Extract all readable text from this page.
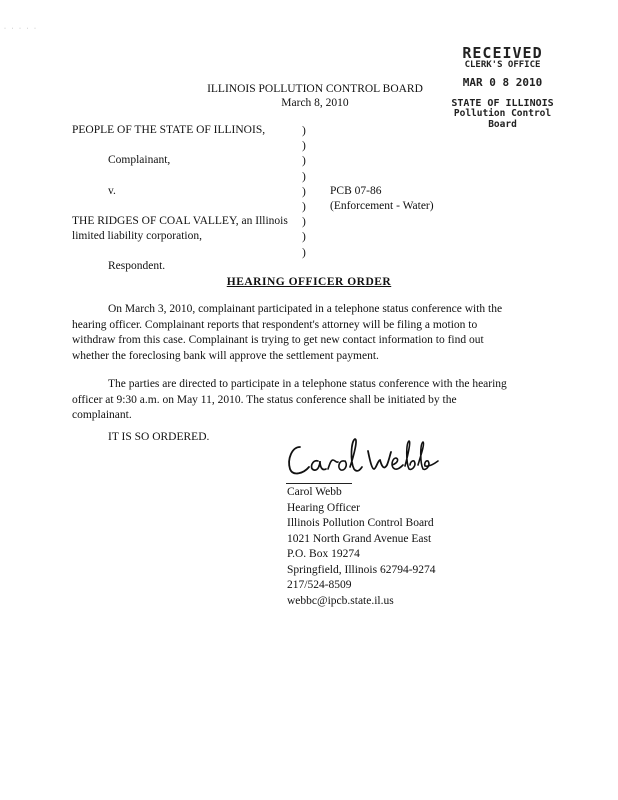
· · · · ·
RECEIVED
CLERK'S OFFICE
MAR 0 8 2010
STATE OF ILLINOIS
Pollution Control Board
ILLINOIS POLLUTION CONTROL BOARD
March 8, 2010
PEOPLE OF THE STATE OF ILLINOIS,
Complainant,
v.
THE RIDGES OF COAL VALLEY, an Illinois
limited liability corporation,
Respondent.
)
)
)
)
)
)
)
)
)
PCB 07-86
(Enforcement - Water)
HEARING OFFICER ORDER
On March 3, 2010, complainant participated in a telephone status conference with the
hearing officer. Complainant reports that respondent's attorney will be filing a motion to
withdraw from this case. Complainant is trying to get new contact information to find out
whether the foreclosing bank will approve the settlement payment.
The parties are directed to participate in a telephone status conference with the hearing
officer at 9:30 a.m. on May 11, 2010. The status conference shall be initiated by the
complainant.
IT IS SO ORDERED.
Carol Webb
Hearing Officer
Illinois Pollution Control Board
1021 North Grand Avenue East
P.O. Box 19274
Springfield, Illinois 62794-9274
217/524-8509
webbc@ipcb.state.il.us
